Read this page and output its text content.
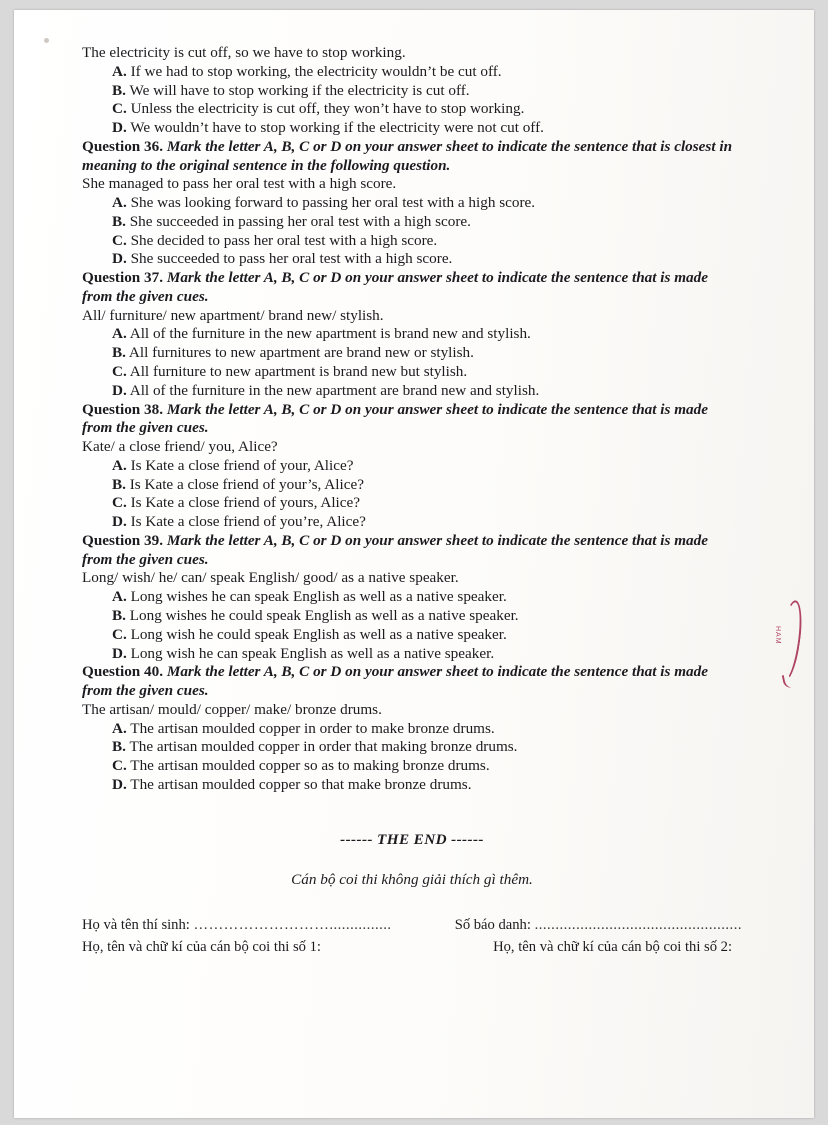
The electricity is cut off, so we have to stop working.

A. If we had to stop working, the electricity wouldn’t be cut off.

B. We will have to stop working if the electricity is cut off.

C. Unless the electricity is cut off, they won’t have to stop working.

D. We wouldn’t have to stop working if the electricity were not cut off.

Question 36. Mark the letter A, B, C or D on your answer sheet to indicate the sentence that is closest in meaning to the original sentence in the following question.

She managed to pass her oral test with a high score.

A. She was looking forward to passing her oral test with a high score.

B. She succeeded in passing her oral test with a high score.

C. She decided to pass her oral test with a high score.

D. She succeeded to pass her oral test with a high score.

Question 37. Mark the letter A, B, C or D on your answer sheet to indicate the sentence that is made from the given cues.

All/ furniture/ new apartment/ brand new/ stylish.

A. All of the furniture in the new apartment is brand new and stylish.

B. All furnitures to new apartment are brand new or stylish.

C. All furniture to new apartment is brand new but stylish.

D. All of the furniture in the new apartment are brand new and stylish.

Question 38. Mark the letter A, B, C or D on your answer sheet to indicate the sentence that is made from the given cues.

Kate/ a close friend/ you, Alice?

A. Is Kate a close friend of your, Alice?

B. Is Kate a close friend of your’s, Alice?

C. Is Kate a close friend of yours, Alice?

D. Is Kate a close friend of you’re, Alice?

Question 39. Mark the letter A, B, C or D on your answer sheet to indicate the sentence that is made from the given cues.

Long/ wish/ he/ can/ speak English/ good/ as a native speaker.

A. Long wishes he can speak English as well as a native speaker.

B. Long wishes he could speak English as well as a native speaker.

C. Long wish he could speak English as well as a native speaker.

D. Long wish he can speak English as well as a native speaker.

Question 40. Mark the letter A, B, C or D on your answer sheet to indicate the sentence that is made from the given cues.

The artisan/ mould/ copper/ make/ bronze drums.

A. The artisan moulded copper in order to make bronze drums.

B. The artisan moulded copper in order that making bronze drums.

C. The artisan moulded copper so as to making bronze drums.

D. The artisan moulded copper so that make bronze drums.

------ THE END ------
Cán bộ coi thi không giải thích gì thêm.
Họ và tên thí sinh: ………………………...............	Số báo danh: ..................................................
Họ, tên và chữ kí của cán bộ coi thi số 1:	Họ, tên và chữ kí của cán bộ coi thi số 2:
HAM
